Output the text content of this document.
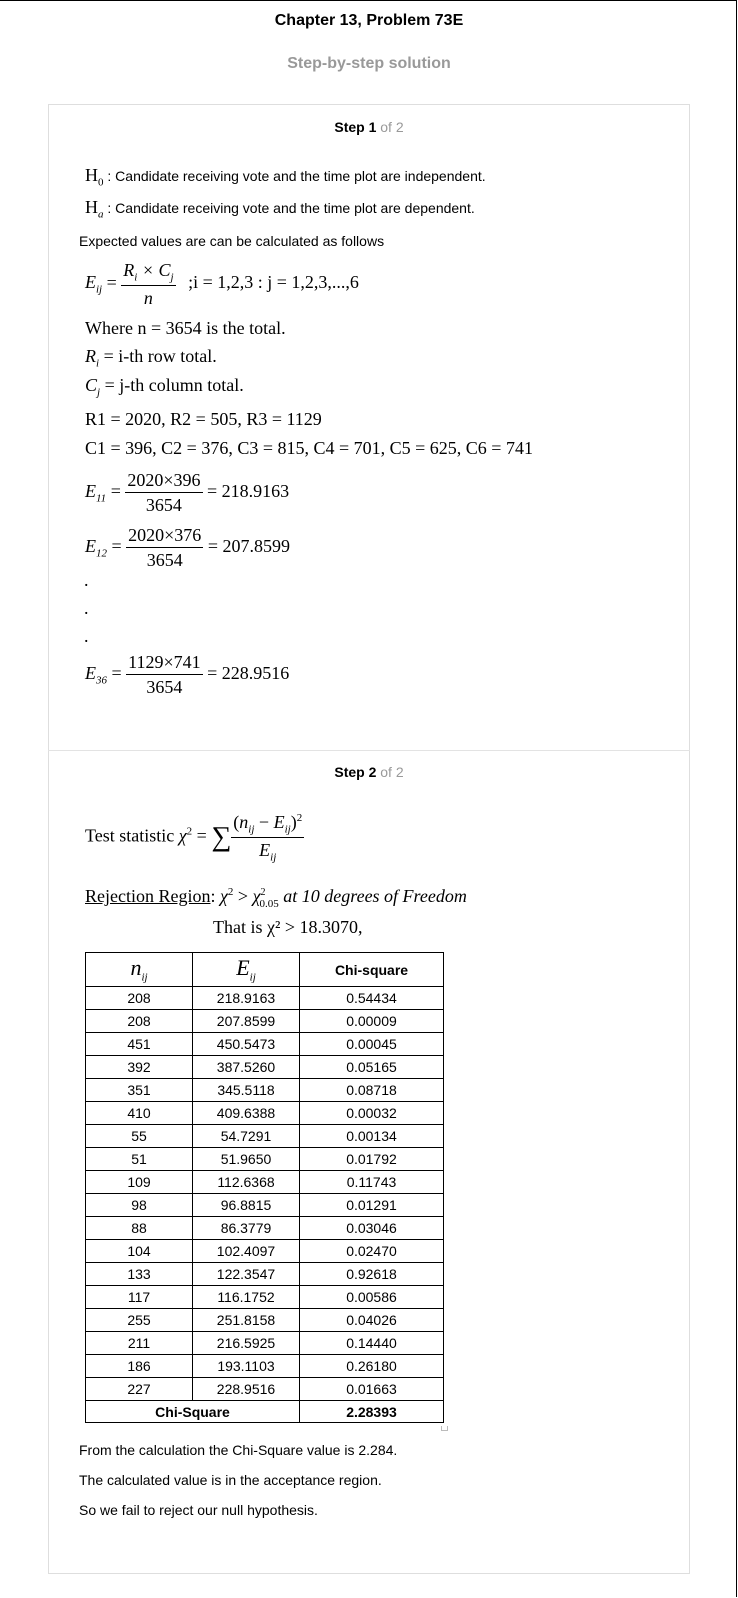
Chapter 13, Problem 73E
Step-by-step solution
Step 1 of 2
$H_0$ : Candidate receiving vote and the time plot are independent.
$H_a$ : Candidate receiving vote and the time plot are dependent.
Expected values are can be calculated as follows
$E_{ij} = \frac{R_i \times C_j}{n}$ ;i = 1,2,3 : j = 1,2,3,...,6
Where n = 3654 is the total.
$R_i = i-th$ row total.
$C_j = j-th$ column total.
R1 = 2020, R2 = 505, R3 = 1129
C1 = 396, C2 = 376, C3 = 815, C4 = 701, C5 = 625, C6 = 741
$E_{11} = \frac{2020\times 396}{3654} = 218.9163$
$E_{12} = \frac{2020\times 376}{3654} = 207.8599$
.
.
.
$E_{36} = \frac{1129\times 741}{3654} = 228.9516$
Step 2 of 2
Test statistic $\chi^2$ = ∑ $\frac{(n_{ij} - E_{ij})^2}{E_{ij}}$
Rejection Region: $\chi^2 > \chi^2_{0.05}$ at 10 degrees of Freedom
That is χ² > 18.3070,
$n_{ij}$	$E_{ij}$	Chi-square
208	218.9163	0.54434
208	207.8599	0.00009
451	450.5473	0.00045
392	387.5260	0.05165
351	345.5118	0.08718
410	409.6388	0.00032
55	54.7291	0.00134
51	51.9650	0.01792
109	112.6368	0.11743
98	96.8815	0.01291
88	86.3779	0.03046
104	102.4097	0.02470
133	122.3547	0.92618
117	116.1752	0.00586
255	251.8158	0.04026
211	216.5925	0.14440
186	193.1103	0.26180
227	228.9516	0.01663
Chi-Square		2.28393
From the calculation the Chi-Square value is 2.284.
The calculated value is in the acceptance region.
So we fail to reject our null hypothesis.
